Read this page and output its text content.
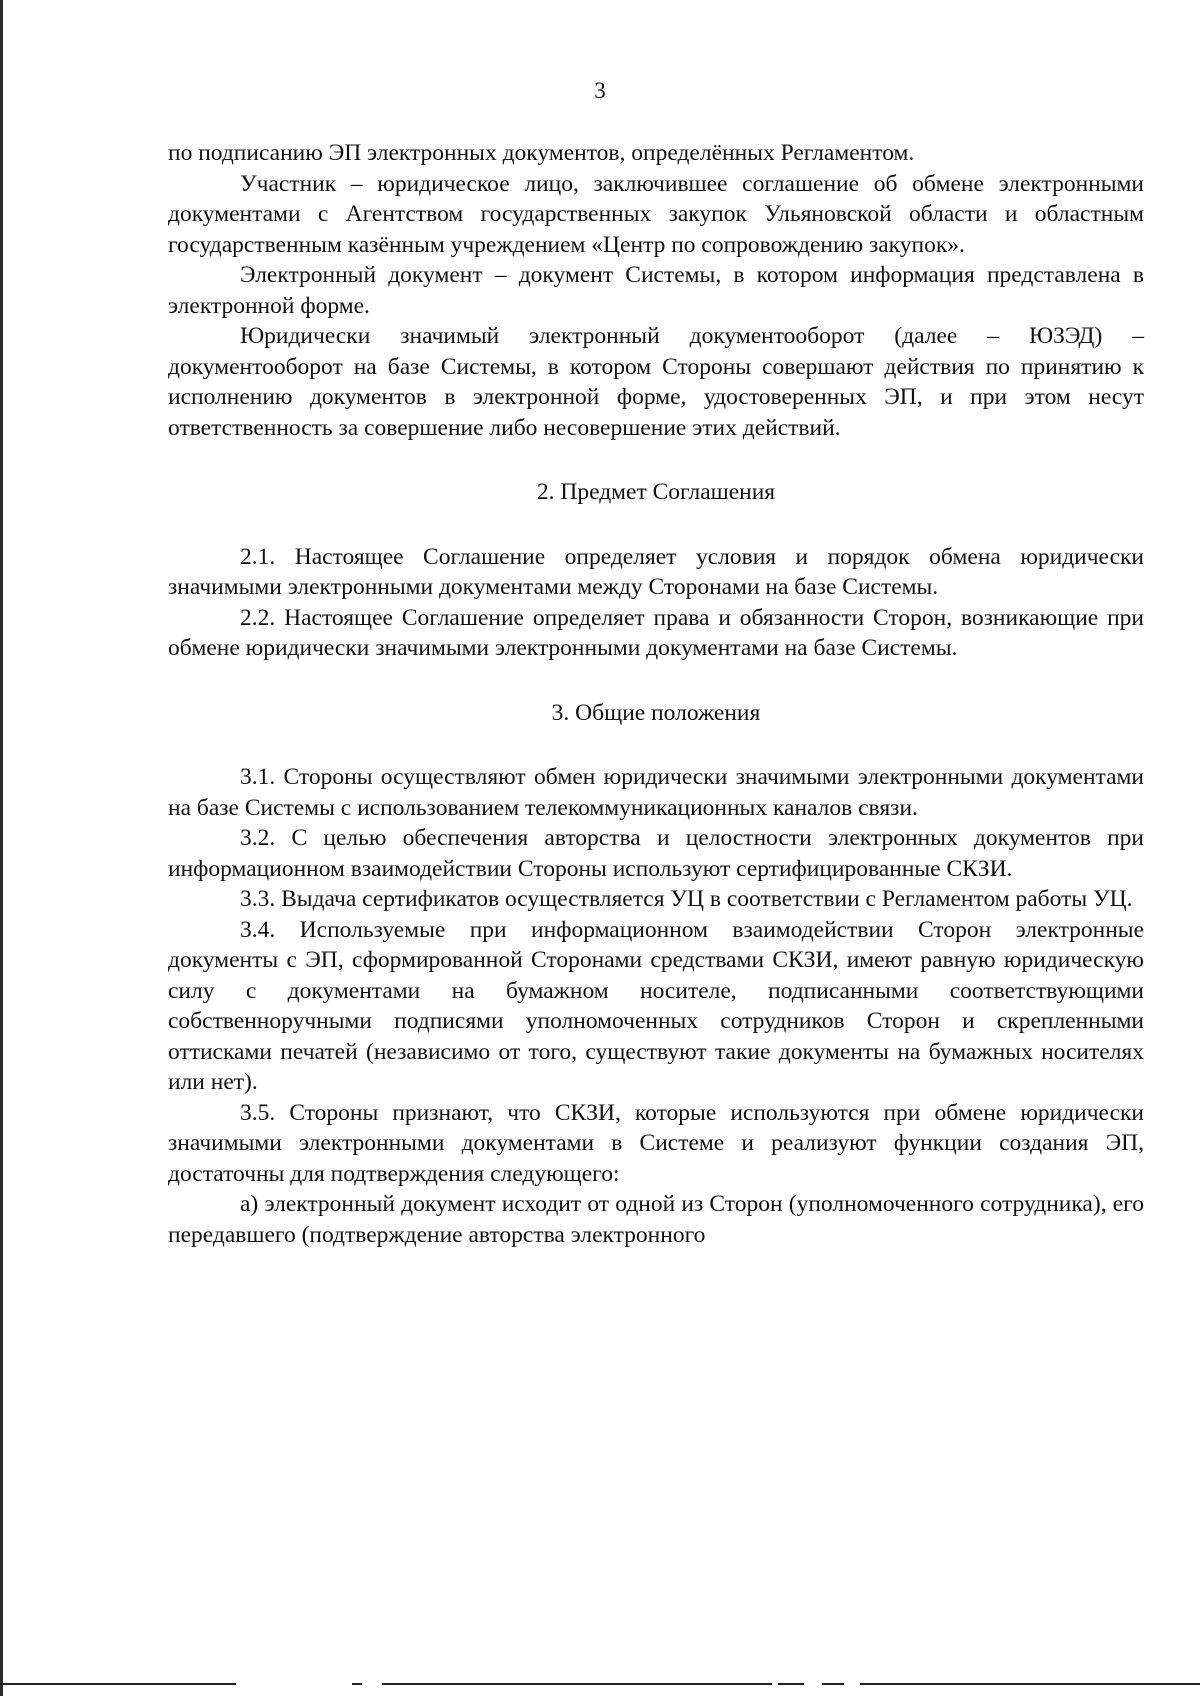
3

по подписанию ЭП электронных документов, определённых Регламентом.

Участник – юридическое лицо, заключившее соглашение об обмене электронными документами с Агентством государственных закупок Ульяновской области и областным государственным казённым учреждением «Центр по сопровождению закупок».

Электронный документ – документ Системы, в котором информация представлена в электронной форме.

Юридически значимый электронный документооборот (далее – ЮЗЭД) – документооборот на базе Системы, в котором Стороны совершают действия по принятию к исполнению документов в электронной форме, удостоверенных ЭП, и при этом несут ответственность за совершение либо несовершение этих действий.

2. Предмет Соглашения

2.1. Настоящее Соглашение определяет условия и порядок обмена юридически значимыми электронными документами между Сторонами на базе Системы.

2.2. Настоящее Соглашение определяет права и обязанности Сторон, возникающие при обмене юридически значимыми электронными документами на базе Системы.

3. Общие положения

3.1. Стороны осуществляют обмен юридически значимыми электронными документами на базе Системы с использованием телекоммуникационных каналов связи.

3.2. С целью обеспечения авторства и целостности электронных документов при информационном взаимодействии Стороны используют сертифицированные СКЗИ.

3.3. Выдача сертификатов осуществляется УЦ в соответствии с Регламентом работы УЦ.

3.4. Используемые при информационном взаимодействии Сторон электронные документы с ЭП, сформированной Сторонами средствами СКЗИ, имеют равную юридическую силу с документами на бумажном носителе, подписанными соответствующими собственноручными подписями уполномоченных сотрудников Сторон и скрепленными оттисками печатей (независимо от того, существуют такие документы на бумажных носителях или нет).

3.5. Стороны признают, что СКЗИ, которые используются при обмене юридически значимыми электронными документами в Системе и реализуют функции создания ЭП, достаточны для подтверждения следующего:

а) электронный документ исходит от одной из Сторон (уполномоченного сотрудника), его передавшего (подтверждение авторства электронного
